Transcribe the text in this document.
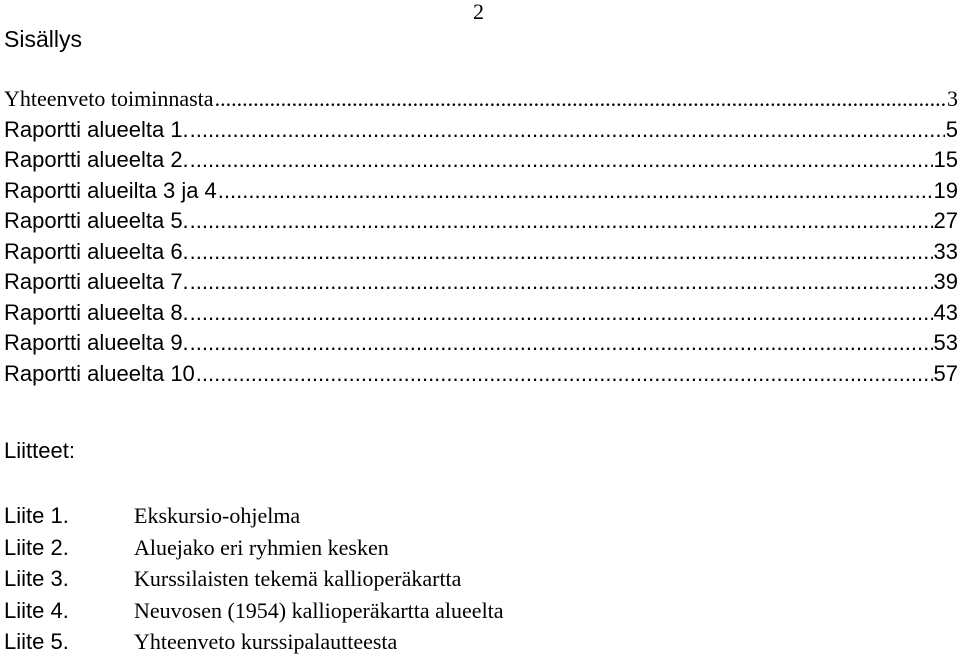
2
Sisällys
Yhteenveto toiminnasta .....	3
Raportti alueelta 1. .....	5
Raportti alueelta 2. .....	15
Raportti alueilta 3 ja 4 .....	19
Raportti alueelta 5. .....	27
Raportti alueelta 6. .....	33
Raportti alueelta 7. .....	39
Raportti alueelta 8. .....	43
Raportti alueelta 9. .....	53
Raportti alueelta 10 .....	57
Liitteet:
Liite 1.	Ekskursio-ohjelma
Liite 2.	Aluejako eri ryhmien kesken
Liite 3.	Kurssilaisten tekemä kallioperäkartta
Liite 4.	Neuvosen (1954) kallioperäkartta alueelta
Liite 5.	Yhteenveto kurssipalautteesta
